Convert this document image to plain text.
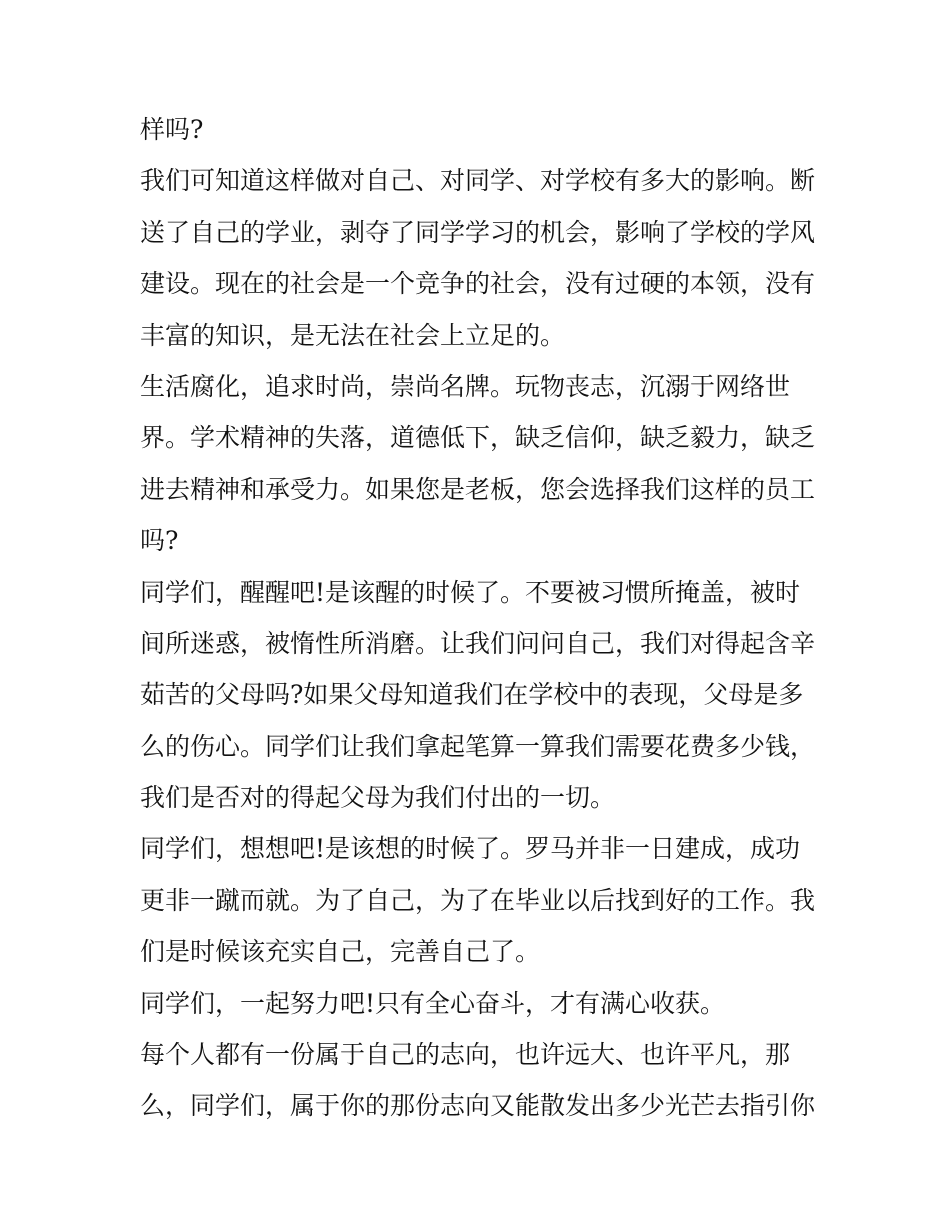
样吗?
我们可知道这样做对自己、对同学、对学校有多大的影响。断
送了自己的学业，剥夺了同学学习的机会，影响了学校的学风
建设。现在的社会是一个竞争的社会，没有过硬的本领，没有
丰富的知识，是无法在社会上立足的。
生活腐化，追求时尚，崇尚名牌。玩物丧志，沉溺于网络世
界。学术精神的失落，道德低下，缺乏信仰，缺乏毅力，缺乏
进去精神和承受力。如果您是老板，您会选择我们这样的员工
吗?
同学们，醒醒吧!是该醒的时候了。不要被习惯所掩盖，被时
间所迷惑，被惰性所消磨。让我们问问自己，我们对得起含辛
茹苦的父母吗?如果父母知道我们在学校中的表现，父母是多
么的伤心。同学们让我们拿起笔算一算我们需要花费多少钱，
我们是否对的得起父母为我们付出的一切。
同学们，想想吧!是该想的时候了。罗马并非一日建成，成功
更非一蹴而就。为了自己，为了在毕业以后找到好的工作。我
们是时候该充实自己，完善自己了。
同学们，一起努力吧!只有全心奋斗，才有满心收获。
每个人都有一份属于自己的志向，也许远大、也许平凡，那
么，同学们，属于你的那份志向又能散发出多少光芒去指引你
